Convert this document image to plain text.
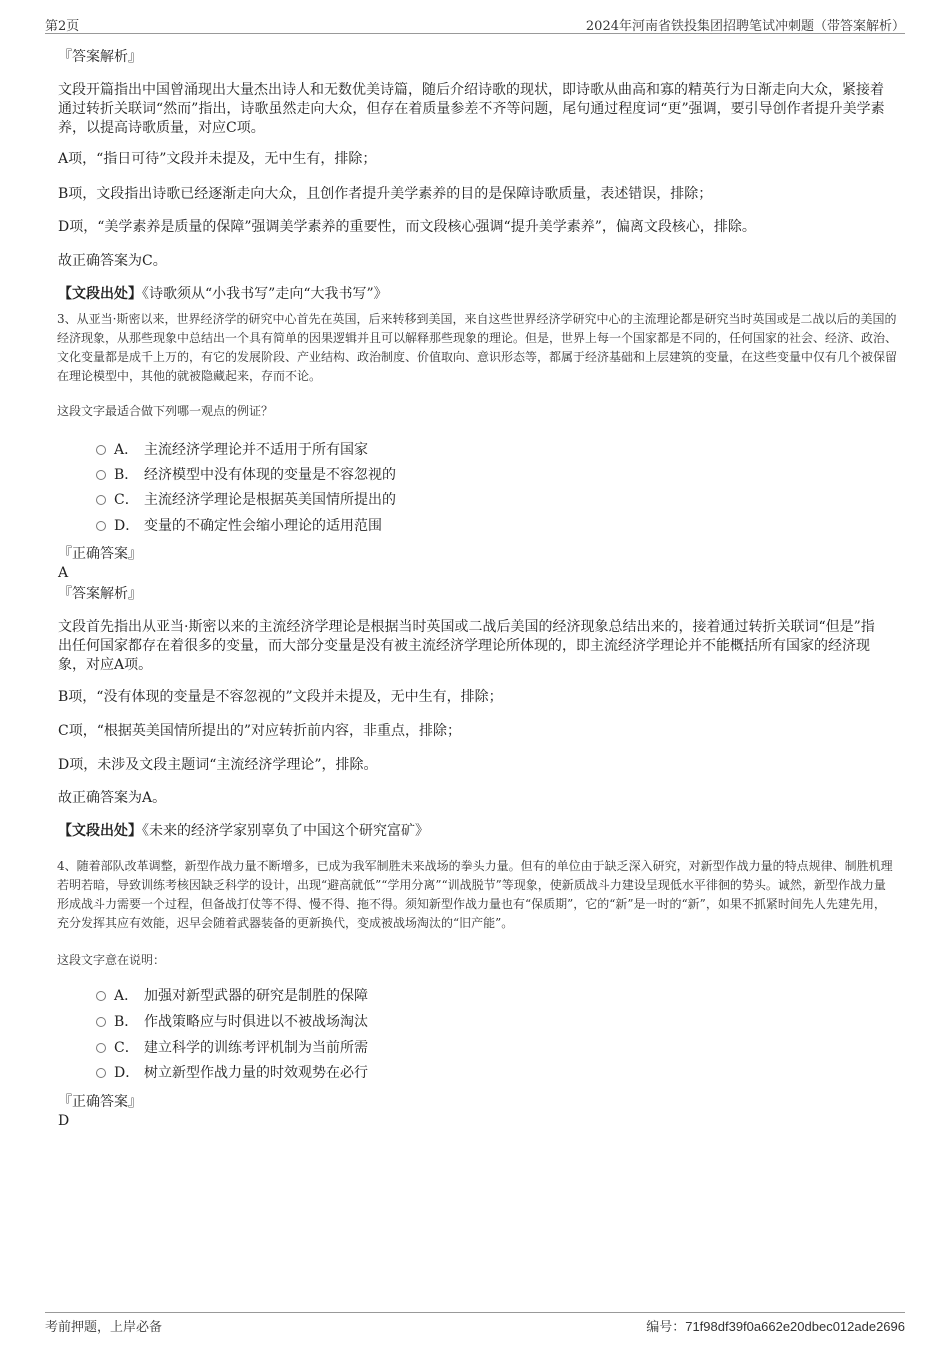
第2页	2024年河南省铁投集团招聘笔试冲刺题（带答案解析）
『答案解析』
文段开篇指出中国曾涌现出大量杰出诗人和无数优美诗篇，随后介绍诗歌的现状，即诗歌从曲高和寡的精英行为日渐走向大众，紧接着通过转折关联词“然而”指出，诗歌虽然走向大众，但存在着质量参差不齐等问题，尾句通过程度词“更”强调，要引导创作者提升美学素养，以提高诗歌质量，对应C项。
A项，“指日可待”文段并未提及，无中生有，排除；
B项，文段指出诗歌已经逐渐走向大众，且创作者提升美学素养的目的是保障诗歌质量，表述错误，排除；
D项，“美学素养是质量的保障”强调美学素养的重要性，而文段核心强调“提升美学素养”，偏离文段核心，排除。
故正确答案为C。
【文段出处】《诗歌须从“小我书写”走向“大我书写”》
3、从亚当·斯密以来，世界经济学的研究中心首先在英国，后来转移到美国，来自这些世界经济学研究中心的主流理论都是研究当时英国或是二战以后的美国的经济现象，从那些现象中总结出一个具有简单的因果逻辑并且可以解释那些现象的理论。但是，世界上每一个国家都是不同的，任何国家的社会、经济、政治、文化变量都是成千上万的，有它的发展阶段、产业结构、政治制度、价值取向、意识形态等，都属于经济基础和上层建筑的变量，在这些变量中仅有几个被保留在理论模型中，其他的就被隐藏起来，存而不论。
这段文字最适合做下列哪一观点的例证？
A． 主流经济学理论并不适用于所有国家
B． 经济模型中没有体现的变量是不容忽视的
C． 主流经济学理论是根据英美国情所提出的
D． 变量的不确定性会缩小理论的适用范围
『正确答案』
A
『答案解析』
文段首先指出从亚当·斯密以来的主流经济学理论是根据当时英国或二战后美国的经济现象总结出来的，接着通过转折关联词“但是”指出任何国家都存在着很多的变量，而大部分变量是没有被主流经济学理论所体现的，即主流经济学理论并不能概括所有国家的经济现象，对应A项。
B项，“没有体现的变量是不容忽视的”文段并未提及，无中生有，排除；
C项，“根据英美国情所提出的”对应转折前内容，非重点，排除；
D项，未涉及文段主题词“主流经济学理论”，排除。
故正确答案为A。
【文段出处】《未来的经济学家别辜负了中国这个研究富矿》
4、随着部队改革调整，新型作战力量不断增多，已成为我军制胜未来战场的拳头力量。但有的单位由于缺乏深入研究，对新型作战力量的特点规律、制胜机理若明若暗，导致训练考核因缺乏科学的设计，出现“避高就低”“学用分离”“训战脱节”等现象，使新质战斗力建设呈现低水平徘徊的势头。诚然，新型作战力量形成战斗力需要一个过程，但备战打仗等不得、慢不得、拖不得。须知新型作战力量也有“保质期”，它的“新”是一时的“新”，如果不抓紧时间先人先建先用，充分发挥其应有效能，迟早会随着武器装备的更新换代，变成被战场淘汰的“旧产能”。
这段文字意在说明：
A． 加强对新型武器的研究是制胜的保障
B． 作战策略应与时俱进以不被战场淘汰
C． 建立科学的训练考评机制为当前所需
D． 树立新型作战力量的时效观势在必行
『正确答案』
D
考前押题，上岸必备	编号：71f98df39f0a662e20dbec012ade2696
